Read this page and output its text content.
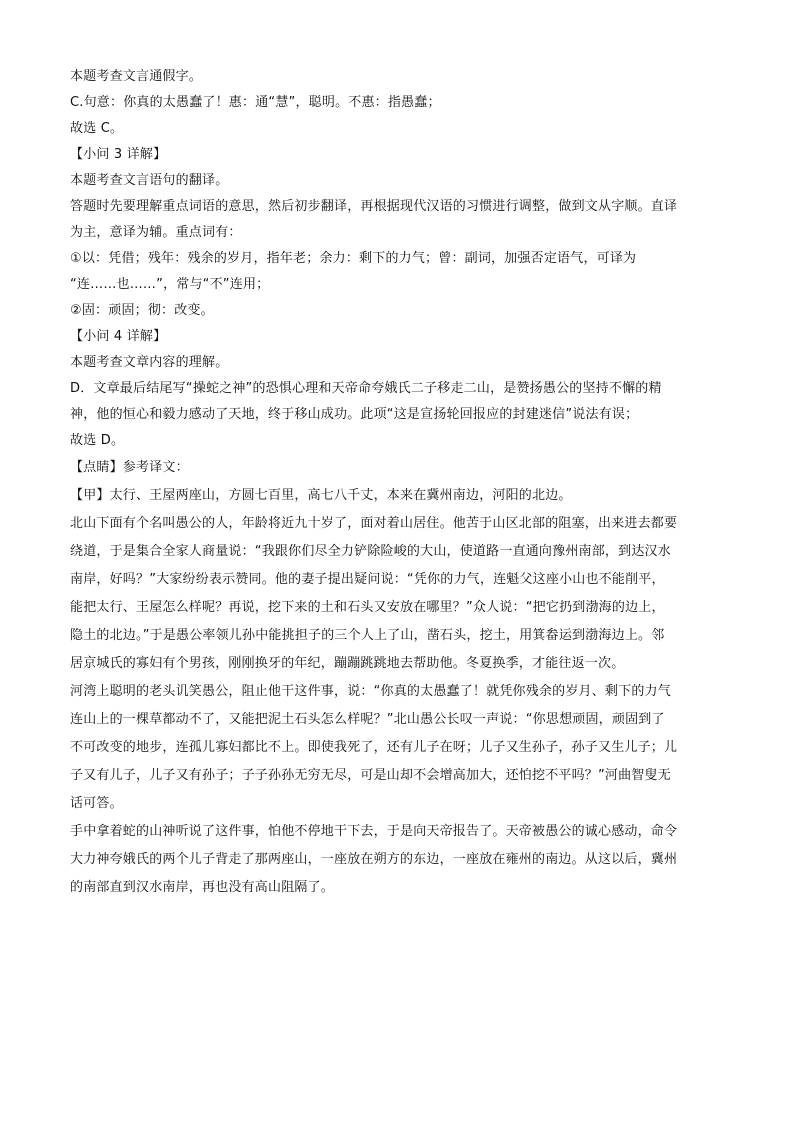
本题考查文言通假字。
C.句意：你真的太愚蠢了！惠：通“慧”，聪明。不惠：指愚蠢；
故选 C。
【小问 3 详解】
本题考查文言语句的翻译。
答题时先要理解重点词语的意思，然后初步翻译，再根据现代汉语的习惯进行调整，做到文从字顺。直译
为主，意译为辅。重点词有：
①以：凭借；残年：残余的岁月，指年老；余力：剩下的力气；曾：副词，加强否定语气，可译为
“连……也……”，常与“不”连用；
②固：顽固；彻：改变。
【小问 4 详解】
本题考查文章内容的理解。
D．文章最后结尾写“操蛇之神”的恐惧心理和天帝命夸娥氏二子移走二山，是赞扬愚公的坚持不懈的精
神，他的恒心和毅力感动了天地，终于移山成功。此项“这是宣扬轮回报应的封建迷信”说法有误；
故选 D。
【点睛】参考译文：
【甲】太行、王屋两座山，方圆七百里，高七八千丈，本来在冀州南边，河阳的北边。
北山下面有个名叫愚公的人，年龄将近九十岁了，面对着山居住。他苦于山区北部的阻塞，出来进去都要
绕道，于是集合全家人商量说：“我跟你们尽全力铲除险峻的大山，使道路一直通向豫州南部，到达汉水
南岸，好吗？”大家纷纷表示赞同。他的妻子提出疑问说：“凭你的力气，连魁父这座小山也不能削平，
能把太行、王屋怎么样呢？再说，挖下来的土和石头又安放在哪里？”众人说：“把它扔到渤海的边上，
隐土的北边。”于是愚公率领儿孙中能挑担子的三个人上了山，凿石头，挖土，用箕畚运到渤海边上。邻
居京城氏的寡妇有个男孩，刚刚换牙的年纪，蹦蹦跳跳地去帮助他。冬夏换季，才能往返一次。
河湾上聪明的老头讥笑愚公，阻止他干这件事，说：“你真的太愚蠢了！就凭你残余的岁月、剩下的力气
连山上的一棵草都动不了，又能把泥土石头怎么样呢？”北山愚公长叹一声说：“你思想顽固，顽固到了
不可改变的地步，连孤儿寡妇都比不上。即使我死了，还有儿子在呀；儿子又生孙子，孙子又生儿子；儿
子又有儿子，儿子又有孙子；子子孙孙无穷无尽，可是山却不会增高加大，还怕挖不平吗？”河曲智叟无
话可答。
手中拿着蛇的山神听说了这件事，怕他不停地干下去，于是向天帝报告了。天帝被愚公的诚心感动，命令
大力神夸娥氏的两个儿子背走了那两座山，一座放在朔方的东边，一座放在雍州的南边。从这以后，冀州
的南部直到汉水南岸，再也没有高山阻隔了。
